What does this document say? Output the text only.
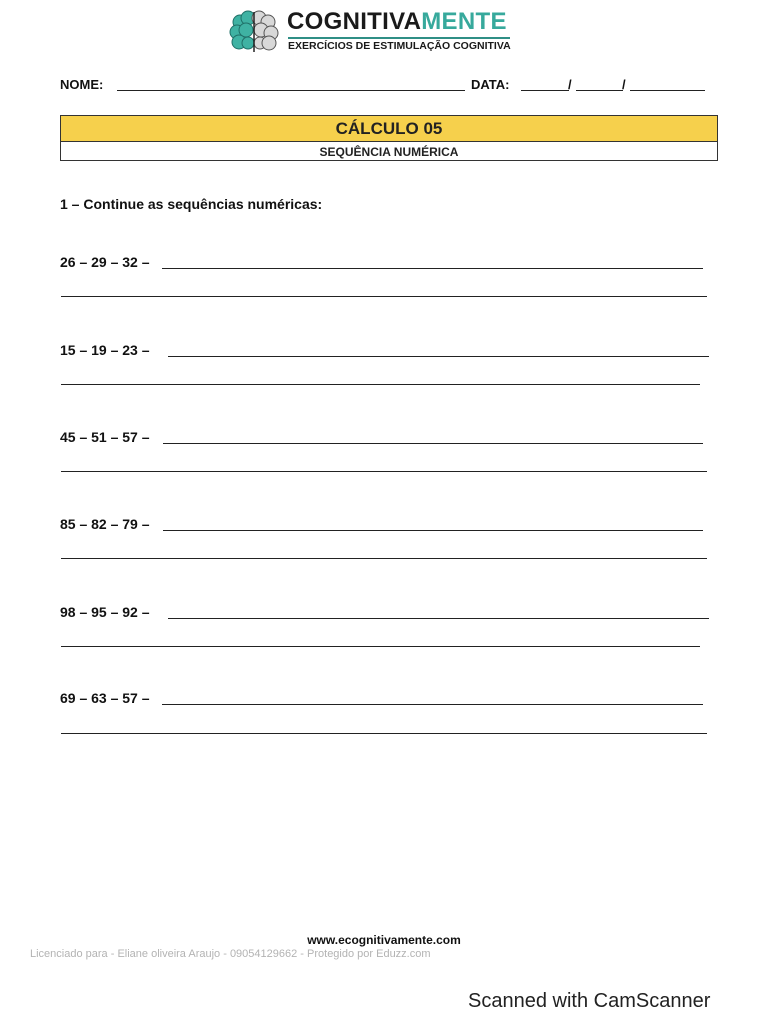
COGNITIVAMENTE
EXERCÍCIOS DE ESTIMULAÇÃO COGNITIVA
NOME:	DATA:	/	/
CÁLCULO 05
SEQUÊNCIA NUMÉRICA
1 – Continue as sequências numéricas:
26 – 29 – 32 –
15 – 19 – 23 –
45 – 51 – 57 –
85 – 82 – 79 –
98 – 95 – 92 –
69 – 63 – 57 –
www.ecognitivamente.com
Licenciado para - Eliane oliveira Araujo - 09054129662 - Protegido por Eduzz.com
Scanned with CamScanner
